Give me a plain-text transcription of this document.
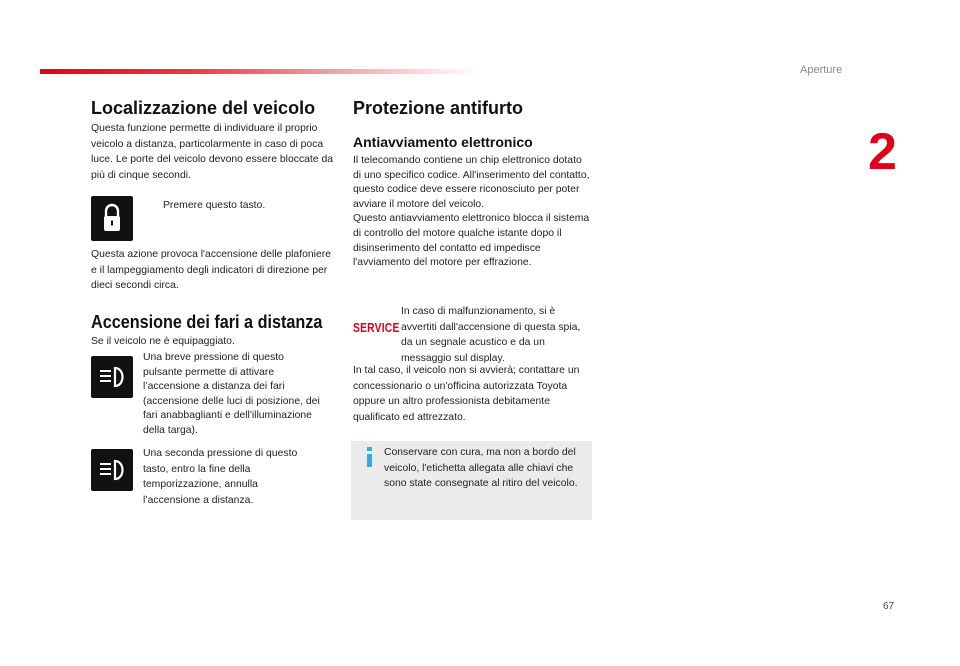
Aperture
2
Localizzazione del veicolo
Questa funzione permette di individuare il proprio veicolo a distanza, particolarmente in caso di poca luce. Le porte del veicolo devono essere bloccate da più di cinque secondi.
Premere questo tasto.
Questa azione provoca l'accensione delle plafoniere e il lampeggiamento degli indicatori di direzione per dieci secondi circa.
Accensione dei fari a distanza
Se il veicolo ne è equipaggiato.
Una breve pressione di questo pulsante permette di attivare l’accensione a distanza dei fari (accensione delle luci di posizione, dei fari anabbaglianti e dell'illuminazione della targa).
Una seconda pressione di questo tasto, entro la fine della temporizzazione, annulla l’accensione a distanza.
Protezione antifurto
Antiavviamento elettronico
Il telecomando contiene un chip elettronico dotato di uno specifico codice. All'inserimento del contatto, questo codice deve essere riconosciuto per poter avviare il motore del veicolo.
Questo antiavviamento elettronico blocca il sistema di controllo del motore qualche istante dopo il disinserimento del contatto ed impedisce l'avviamento del motore per effrazione.
SERVICE
In caso di malfunzionamento, si è avvertiti dall'accensione di questa spia, da un segnale acustico e da un messaggio sul display.
In tal caso, il veicolo non si avvierà; contattare un concessionario o un'officina autorizzata Toyota oppure un altro professionista debitamente qualificato ed attrezzato.
Conservare con cura, ma non a bordo del veicolo, l'etichetta allegata alle chiavi che sono state consegnate al ritiro del veicolo.
67
